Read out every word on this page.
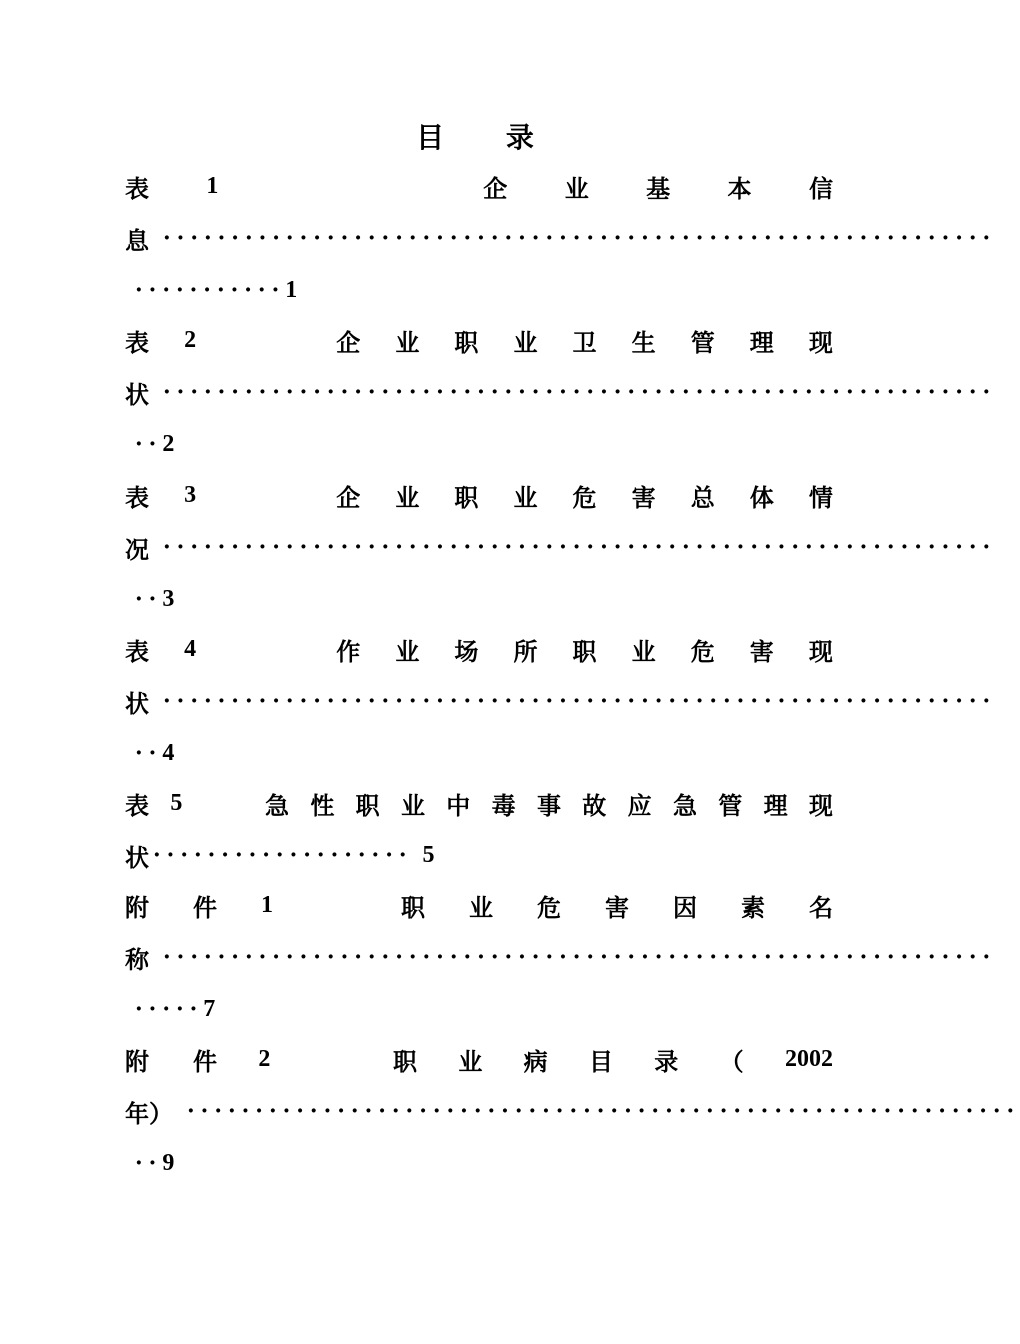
目 录
表 1	企 业 基 本 信
息 ·····························································
··········· 1
表 2	企 业 职 业 卫 生 管 理 现
状 ·····························································
·· 2
表 3	企 业 职 业 危 害 总 体 情
况 ·····························································
·· 3
表 4	作 业 场 所 职 业 危 害 现
状 ·····························································
·· 4
表 5	急 性 职 业 中 毒 事 故 应 急 管 理 现
状 ··················· 5
附 件 1	职 业 危 害 因 素 名
称 ·····························································
····· 7
附 件 2	职 业 病 目 录 （ 2002
年） ·····························································
·· 9
